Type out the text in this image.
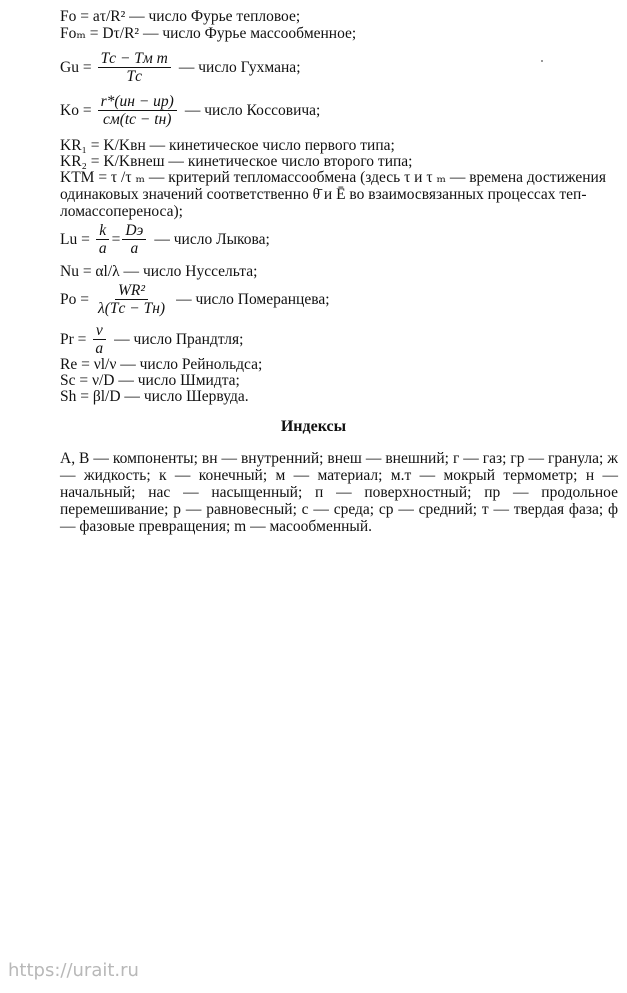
Fo = aτ/R² — число Фурье тепловое;
Foₘ = Dτ/R² — число Фурье массообменное;
$Gu = \frac{\text{Tс − Tм т}}{Tс}$ — число Гухмана;
$Ko = \frac{r*(uн - uр)}{cм(tс - tн)}$ — число Коссовича;
KR₁ = K/Kвн — кинетическое число первого типа;
KR₂ = K/Kвнеш — кинетическое число второго типа;
KTM = τ /τ ₘ — критерий тепломассообмена (здесь τ и τ ₘ — времена достижения
одинаковых значений соответственно θ̄ и Ē во взаимосвязанных процессах теп-
ломассопереноса);
$Lu = \frac{k}{a} = \frac{Dэ}{a}$ — число Лыкова;
Nu = αl/λ — число Нуссельта;
$Po = \frac{\text{WR²}}{\lambda(Tс - Tн)}$ — число Померанцева;
$Pr = \frac{\nu}{a}$ — число Прандтля;
Re = νl/ν — число Рейнольдса;
Sc = ν/D — число Шмидта;
Sh = βl/D — число Шервуда.
Индексы
А, В — компоненты; вн — внутренний; внеш — внешний; г — газ; гр — гранула; ж — жидкость; к — конечный; м — материал; м.т — мокрый термометр; н — начальный; нас — насыщенный; п — поверхностный; пр — продольное перемешивание; р — равновесный; с — среда; ср — средний; т — твердая фаза; ф — фазовые превращения; m — масообменный.
https://urait.ru
